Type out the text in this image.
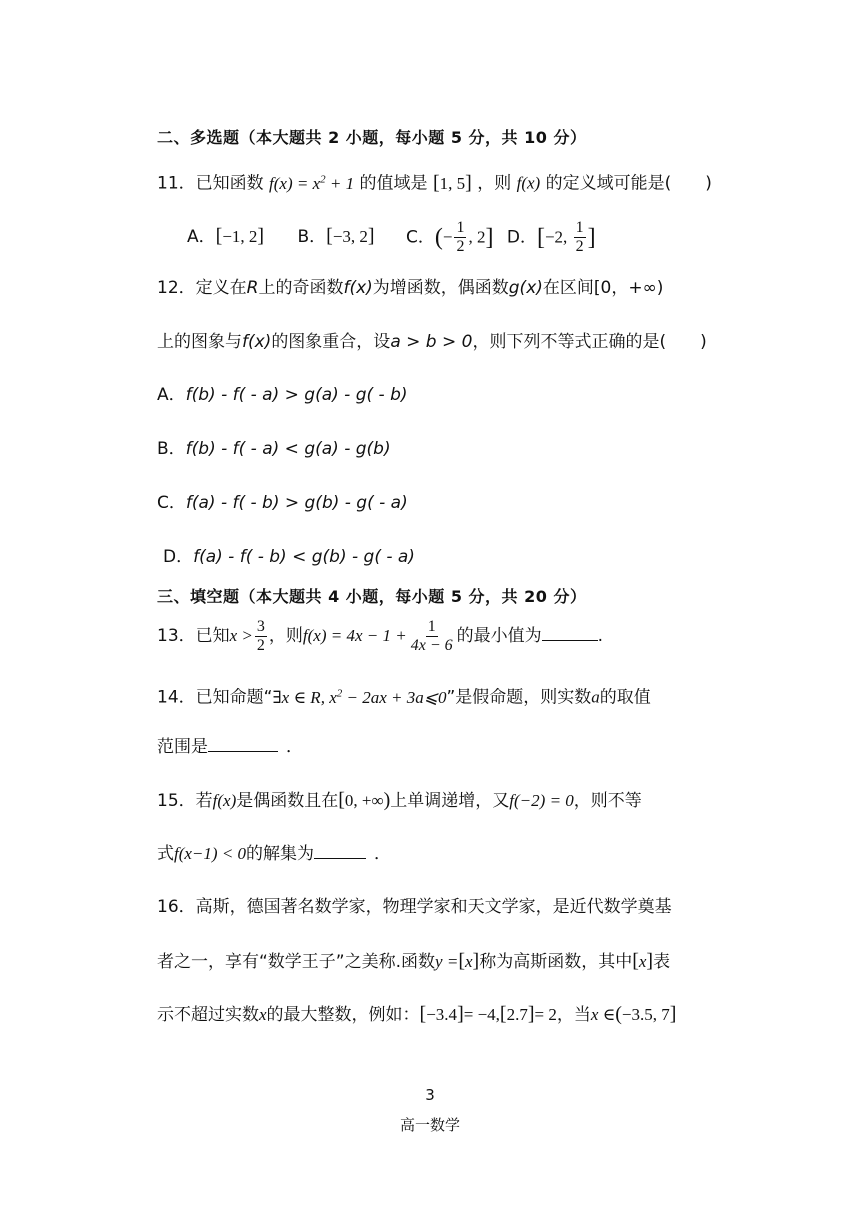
二、多选题（本大题共 2 小题，每小题 5 分，共 10 分）
11．已知函数 $f(x) = x^2 + 1$ 的值域是 [1, 5] ，则 f(x) 的定义域可能是(　　)
A．[−1, 2] B．[−3, 2] C．(− $\frac{1}{2}$ , 2] D．[−2, $\frac{1}{2}$ ]
12．定义在R上的奇函数f(x)为增函数，偶函数g(x)在区间[0，+∞)
上的图象与f(x)的图象重合，设a > b > 0，则下列不等式正确的是(　　)
A．f(b) - f( - a) > g(a) - g( - b)
B．f(b) - f( - a) < g(a) - g(b)
C．f(a) - f( - b) > g(b) - g( - a)
D．f(a) - f( - b) < g(b) - g( - a)
三、填空题（本大题共 4 小题，每小题 5 分，共 20 分）
13．已知$x > \frac{3}{2}$ ，则$f(x) = 4x - 1 + \frac{1}{4x - 6}$ 的最小值为	.
14．已知命题“∃x ∈ R, $x^2 - 2ax$ + 3a⩽0”是假命题，则实数a的取值
范围是	．
15．若f(x)是偶函数且在[0, +∞)上单调递增，又f(−2) = 0，则不等
式f(x−1) < 0的解集为	．
16．高斯，德国著名数学家，物理学家和天文学家，是近代数学奠基
者之一，享有“数学王子”之美称.函数y =[x]称为高斯函数，其中[x]表
示不超过实数x的最大整数，例如：[−3.4]= −4,[2.7]= 2，当x ∈(−3.5, 7]
3
高一数学
